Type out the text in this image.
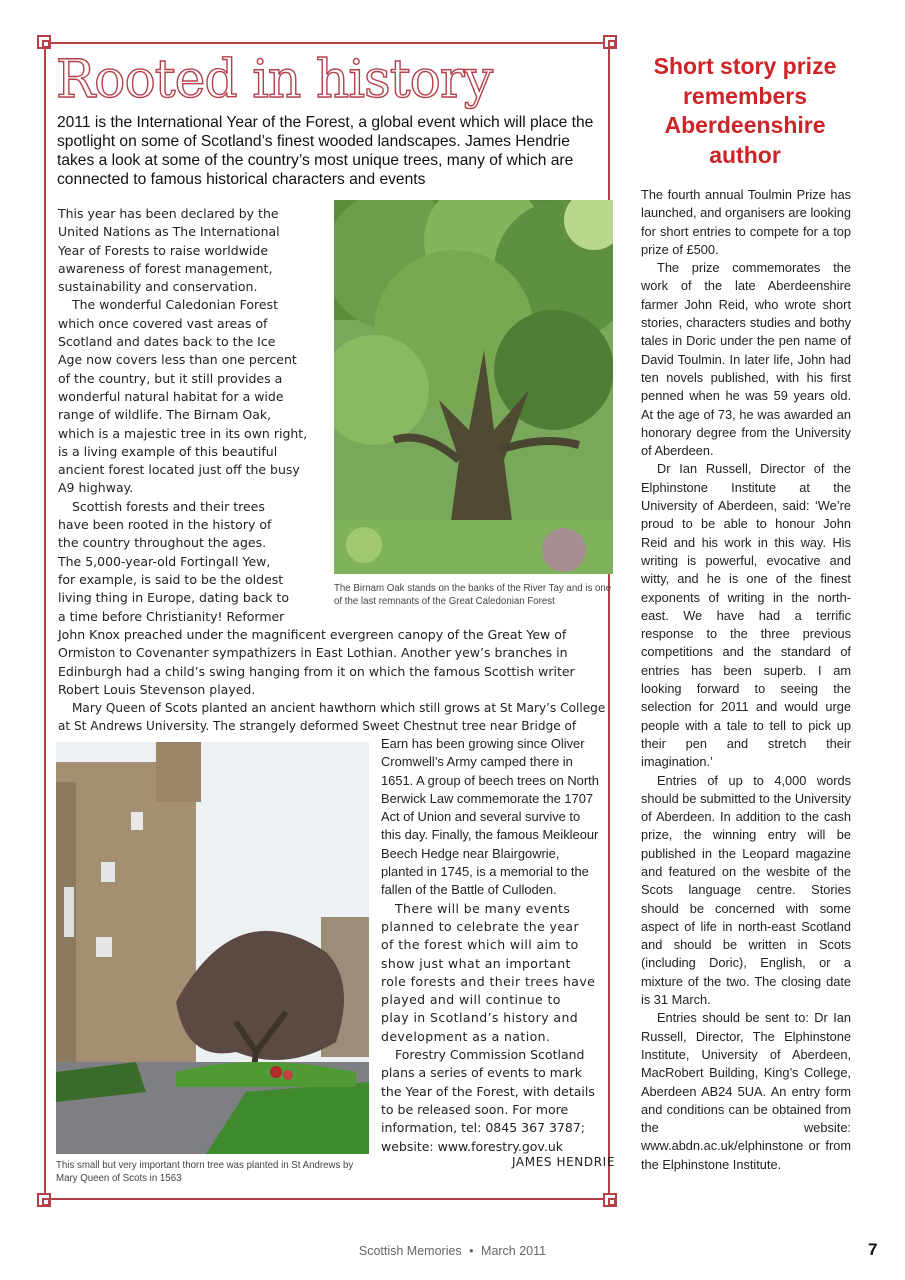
Rooted in history

2011 is the International Year of the Forest, a global event which will place the spotlight on some of Scotland’s finest wooded landscapes. James Hendrie takes a look at some of the country’s most unique trees, many of which are connected to famous historical characters and events

The Birnam Oak stands on the banks of the River Tay and is one of the last remnants of the Great Caledonian Forest

This year has been declared by the
United Nations as The International
Year of Forests to raise worldwide
awareness of forest management,
sustainability and conservation.
The wonderful Caledonian Forest
which once covered vast areas of
Scotland and dates back to the Ice
Age now covers less than one percent
of the country, but it still provides a
wonderful natural habitat for a wide
range of wildlife. The Birnam Oak,
which is a majestic tree in its own right,
is a living example of this beautiful
ancient forest located just off the busy
A9 highway.
Scottish forests and their trees
have been rooted in the history of
the country throughout the ages.
The 5,000-year-old Fortingall Yew,
for example, is said to be the oldest
living thing in Europe, dating back to
a time before Christianity! Reformer
John Knox preached under the magnificent evergreen canopy of the Great Yew of
Ormiston to Covenanter sympathizers in East Lothian. Another yew’s branches in
Edinburgh had a child’s swing hanging from it on which the famous Scottish writer
Robert Louis Stevenson played.
Mary Queen of Scots planted an ancient hawthorn which still grows at St Mary’s College
at St Andrews University. The strangely deformed Sweet Chestnut tree near Bridge of

This small but very important thorn tree was planted in St Andrews by Mary Queen of Scots in 1563

Earn has been growing since Oliver
Cromwell’s Army camped there in
1651. A group of beech trees on North
Berwick Law commemorate the 1707
Act of Union and several survive to
this day. Finally, the famous Meikleour
Beech Hedge near Blairgowrie,
planted in 1745, is a memorial to the
fallen of the Battle of Culloden.
There will be many events
planned to celebrate the year
of the forest which will aim to
show just what an important
role forests and their trees have
played and will continue to
play in Scotland’s history and
development as a nation.
Forestry Commission Scotland
plans a series of events to mark
the Year of the Forest, with details
to be released soon. For more
information, tel: 0845 367 3787;
website: www.forestry.gov.uk
JAMES HENDRIE
Short story prize remembers Aberdeenshire author

The fourth annual Toulmin Prize has launched, and organisers are looking for short entries to compete for a top prize of £500.

The prize commemorates the work of the late Aberdeenshire farmer John Reid, who wrote short stories, characters studies and bothy tales in Doric under the pen name of David Toulmin. In later life, John had ten novels published, with his first penned when he was 59 years old. At the age of 73, he was awarded an honorary degree from the University of Aberdeen.

Dr Ian Russell, Director of the Elphinstone Institute at the University of Aberdeen, said: ‘We’re proud to be able to honour John Reid and his work in this way. His writing is powerful, evocative and witty, and he is one of the finest exponents of writing in the north-east. We have had a terrific response to the three previous competitions and the standard of entries has been superb. I am looking forward to seeing the selection for 2011 and would urge people with a tale to tell to pick up their pen and stretch their imagination.’

Entries of up to 4,000 words should be submitted to the University of Aberdeen. In addition to the cash prize, the winning entry will be published in the Leopard magazine and featured on the wesbite of the Scots language centre. Stories should be concerned with some aspect of life in north-east Scotland and should be written in Scots (including Doric), English, or a mixture of the two. The closing date is 31 March.

Entries should be sent to: Dr Ian Russell, Director, The Elphinstone Institute, University of Aberdeen, MacRobert Building, King’s College, Aberdeen AB24 5UA. An entry form and conditions can be obtained from the website: www.abdn.ac.uk/elphinstone or from the Elphinstone Institute.

Scottish Memories • March 2011	7
